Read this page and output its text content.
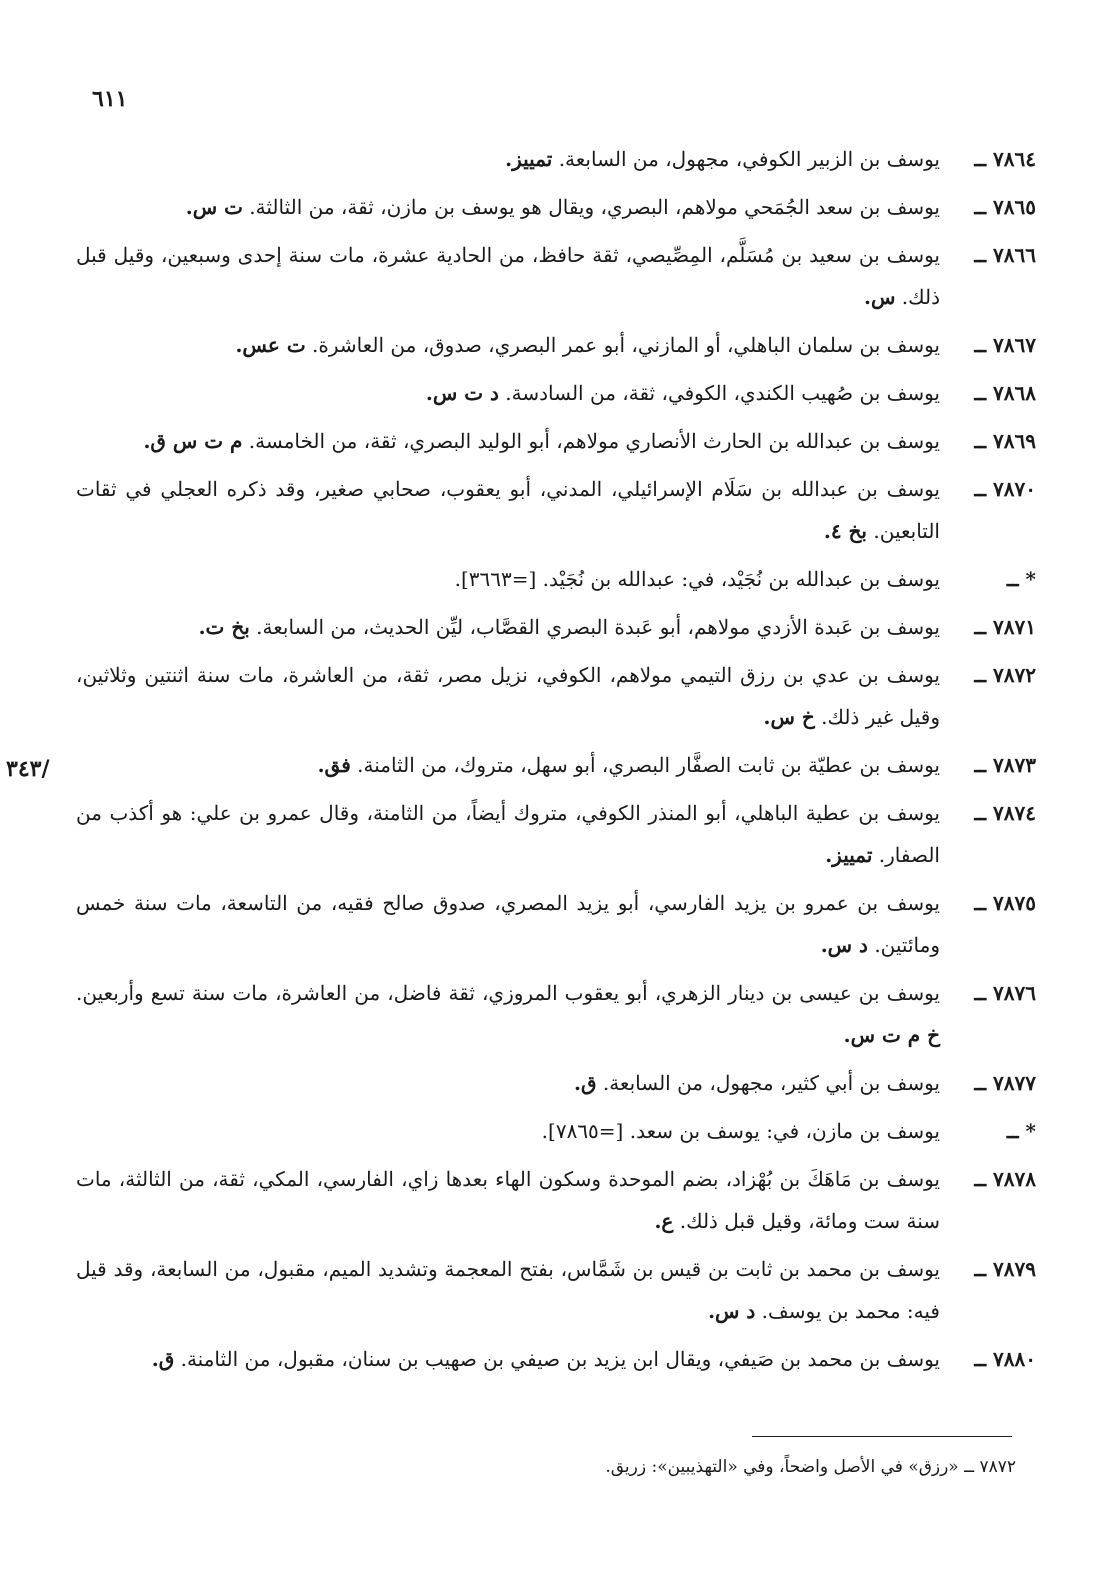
٦١١
/٣٤٣
٧٨٦٤ ــ
يوسف بن الزبير الكوفي، مجهول، من السابعة. تمييز.
٧٨٦٥ ــ
يوسف بن سعد الجُمَحي مولاهم، البصري، ويقال هو يوسف بن مازن، ثقة، من الثالثة. ت س.
٧٨٦٦ ــ
يوسف بن سعيد بن مُسَلَّم، المِصِّيصي، ثقة حافظ، من الحادية عشرة، مات سنة إحدى وسبعين، وقيل قبل ذلك. س.
٧٨٦٧ ــ
يوسف بن سلمان الباهلي، أو المازني، أبو عمر البصري، صدوق، من العاشرة. ت عس.
٧٨٦٨ ــ
يوسف بن صُهيب الكندي، الكوفي، ثقة، من السادسة. د ت س.
٧٨٦٩ ــ
يوسف بن عبدالله بن الحارث الأنصاري مولاهم، أبو الوليد البصري، ثقة، من الخامسة. م ت س ق.
٧٨٧٠ ــ
يوسف بن عبدالله بن سَلَام الإسرائيلي، المدني، أبو يعقوب، صحابي صغير، وقد ذكره العجلي في ثقات التابعين. بخ ٤.
* ــ
يوسف بن عبدالله بن نُجَيْد، في: عبدالله بن نُجَيْد. [=٣٦٦٣].
٧٨٧١ ــ
يوسف بن عَبدة الأزدي مولاهم، أبو عَبدة البصري القصَّاب، ليِّن الحديث، من السابعة. بخ ت.
٧٨٧٢ ــ
يوسف بن عدي بن رزق التيمي مولاهم، الكوفي، نزيل مصر، ثقة، من العاشرة، مات سنة اثنتين وثلاثين، وقيل غير ذلك. خ س.
٧٨٧٣ ــ
يوسف بن عطيّة بن ثابت الصفَّار البصري، أبو سهل، متروك، من الثامنة. فق.
٧٨٧٤ ــ
يوسف بن عطية الباهلي، أبو المنذر الكوفي، متروك أيضاً، من الثامنة، وقال عمرو بن علي: هو أكذب من الصفار. تمييز.
٧٨٧٥ ــ
يوسف بن عمرو بن يزيد الفارسي، أبو يزيد المصري، صدوق صالح فقيه، من التاسعة، مات سنة خمس ومائتين. د س.
٧٨٧٦ ــ
يوسف بن عيسى بن دينار الزهري، أبو يعقوب المروزي، ثقة فاضل، من العاشرة، مات سنة تسع وأربعين. خ م ت س.
٧٨٧٧ ــ
يوسف بن أبي كثير، مجهول، من السابعة. ق.
* ــ
يوسف بن مازن، في: يوسف بن سعد. [=٧٨٦٥].
٧٨٧٨ ــ
يوسف بن مَاهَكَ بن بُهْزاد، بضم الموحدة وسكون الهاء بعدها زاي، الفارسي، المكي، ثقة، من الثالثة، مات سنة ست ومائة، وقيل قبل ذلك. ع.
٧٨٧٩ ــ
يوسف بن محمد بن ثابت بن قيس بن شَمَّاس، بفتح المعجمة وتشديد الميم، مقبول، من السابعة، وقد قيل فيه: محمد بن يوسف. د س.
٧٨٨٠ ــ
يوسف بن محمد بن صَيفي، ويقال ابن يزيد بن صيفي بن صهيب بن سنان، مقبول، من الثامنة. ق.
٧٨٧٢ ــ «رزق» في الأصل واضحاً، وفي «التهذيبين»: زريق.
